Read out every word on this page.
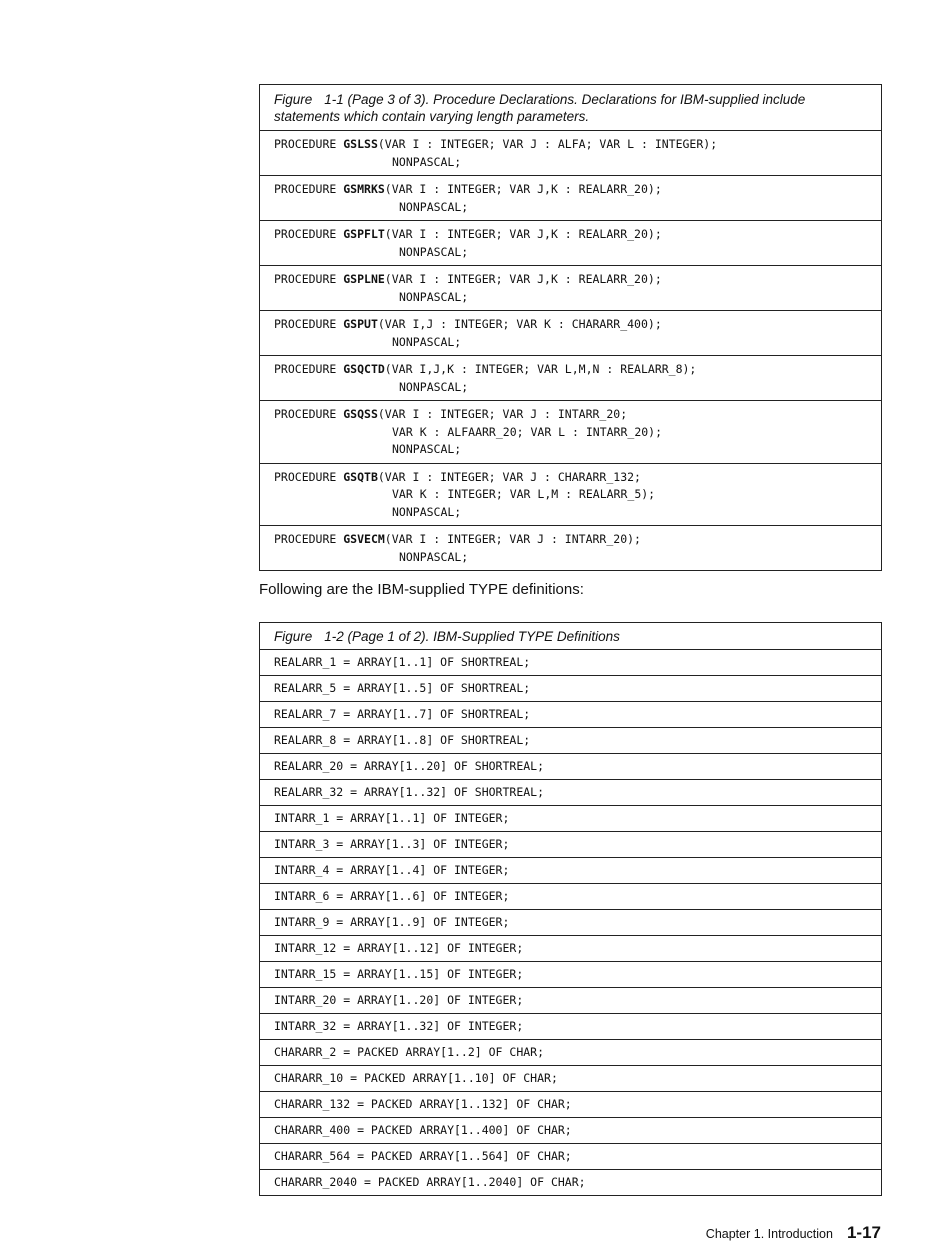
Figure 1-1 (Page 3 of 3). Procedure Declarations. Declarations for IBM-supplied include statements which contain varying length parameters.
PROCEDURE GSLSS(VAR I : INTEGER; VAR J : ALFA; VAR L : INTEGER);
NONPASCAL;
PROCEDURE GSMRKS(VAR I : INTEGER; VAR J,K : REALARR_20);
NONPASCAL;
PROCEDURE GSPFLT(VAR I : INTEGER; VAR J,K : REALARR_20);
NONPASCAL;
PROCEDURE GSPLNE(VAR I : INTEGER; VAR J,K : REALARR_20);
NONPASCAL;
PROCEDURE GSPUT(VAR I,J : INTEGER; VAR K : CHARARR_400);
NONPASCAL;
PROCEDURE GSQCTD(VAR I,J,K : INTEGER; VAR L,M,N : REALARR_8);
NONPASCAL;
PROCEDURE GSQSS(VAR I : INTEGER; VAR J : INTARR_20;
VAR K : ALFAARR_20; VAR L : INTARR_20);
NONPASCAL;
PROCEDURE GSQTB(VAR I : INTEGER; VAR J : CHARARR_132;
VAR K : INTEGER; VAR L,M : REALARR_5);
NONPASCAL;
PROCEDURE GSVECM(VAR I : INTEGER; VAR J : INTARR_20);
NONPASCAL;
Following are the IBM-supplied TYPE definitions:
Figure 1-2 (Page 1 of 2). IBM-Supplied TYPE Definitions
REALARR_1 = ARRAY[1..1] OF SHORTREAL;
REALARR_5 = ARRAY[1..5] OF SHORTREAL;
REALARR_7 = ARRAY[1..7] OF SHORTREAL;
REALARR_8 = ARRAY[1..8] OF SHORTREAL;
REALARR_20 = ARRAY[1..20] OF SHORTREAL;
REALARR_32 = ARRAY[1..32] OF SHORTREAL;
INTARR_1 = ARRAY[1..1] OF INTEGER;
INTARR_3 = ARRAY[1..3] OF INTEGER;
INTARR_4 = ARRAY[1..4] OF INTEGER;
INTARR_6 = ARRAY[1..6] OF INTEGER;
INTARR_9 = ARRAY[1..9] OF INTEGER;
INTARR_12 = ARRAY[1..12] OF INTEGER;
INTARR_15 = ARRAY[1..15] OF INTEGER;
INTARR_20 = ARRAY[1..20] OF INTEGER;
INTARR_32 = ARRAY[1..32] OF INTEGER;
CHARARR_2 = PACKED ARRAY[1..2] OF CHAR;
CHARARR_10 = PACKED ARRAY[1..10] OF CHAR;
CHARARR_132 = PACKED ARRAY[1..132] OF CHAR;
CHARARR_400 = PACKED ARRAY[1..400] OF CHAR;
CHARARR_564 = PACKED ARRAY[1..564] OF CHAR;
CHARARR_2040 = PACKED ARRAY[1..2040] OF CHAR;
Chapter 1. Introduction 1-17
